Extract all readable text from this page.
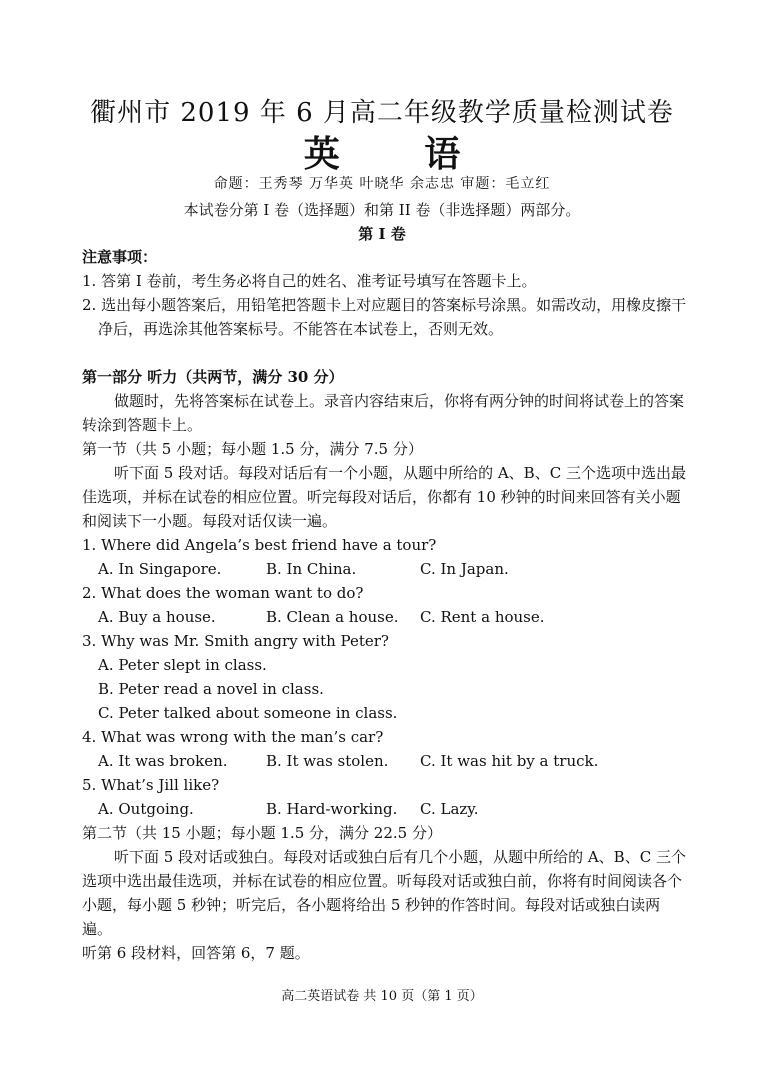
衢州市 2019 年 6 月高二年级教学质量检测试卷
英 语
命题：王秀琴 万华英 叶晓华 余志忠 审题：毛立红
本试卷分第 I 卷（选择题）和第 II 卷（非选择题）两部分。
第 I 卷

注意事项：

1. 答第 I 卷前，考生务必将自己的姓名、准考证号填写在答题卡上。

2. 选出每小题答案后，用铅笔把答题卡上对应题目的答案标号涂黑。如需改动，用橡皮擦干净后，再选涂其他答案标号。不能答在本试卷上，否则无效。

第一部分 听力（共两节，满分 30 分）

做题时，先将答案标在试卷上。录音内容结束后，你将有两分钟的时间将试卷上的答案转涂到答题卡上。

第一节（共 5 小题；每小题 1.5 分，满分 7.5 分）

听下面 5 段对话。每段对话后有一个小题，从题中所给的 A、B、C 三个选项中选出最佳选项，并标在试卷的相应位置。听完每段对话后，你都有 10 秒钟的时间来回答有关小题和阅读下一小题。每段对话仅读一遍。

1. Where did Angela’s best friend have a tour?

A. In Singapore.	B. In China.	C. In Japan.

2. What does the woman want to do?

A. Buy a house.	B. Clean a house.	C. Rent a house.

3. Why was Mr. Smith angry with Peter?

A. Peter slept in class.

B. Peter read a novel in class.

C. Peter talked about someone in class.

4. What was wrong with the man’s car?

A. It was broken.	B. It was stolen.	C. It was hit by a truck.

5. What’s Jill like?

A. Outgoing.	B. Hard-working.	C. Lazy.

第二节（共 15 小题；每小题 1.5 分，满分 22.5 分）

听下面 5 段对话或独白。每段对话或独白后有几个小题，从题中所给的 A、B、C 三个选项中选出最佳选项，并标在试卷的相应位置。听每段对话或独白前，你将有时间阅读各个小题，每小题 5 秒钟；听完后，各小题将给出 5 秒钟的作答时间。每段对话或独白读两遍。

听第 6 段材料，回答第 6，7 题。

高二英语试卷 共 10 页（第 1 页）
